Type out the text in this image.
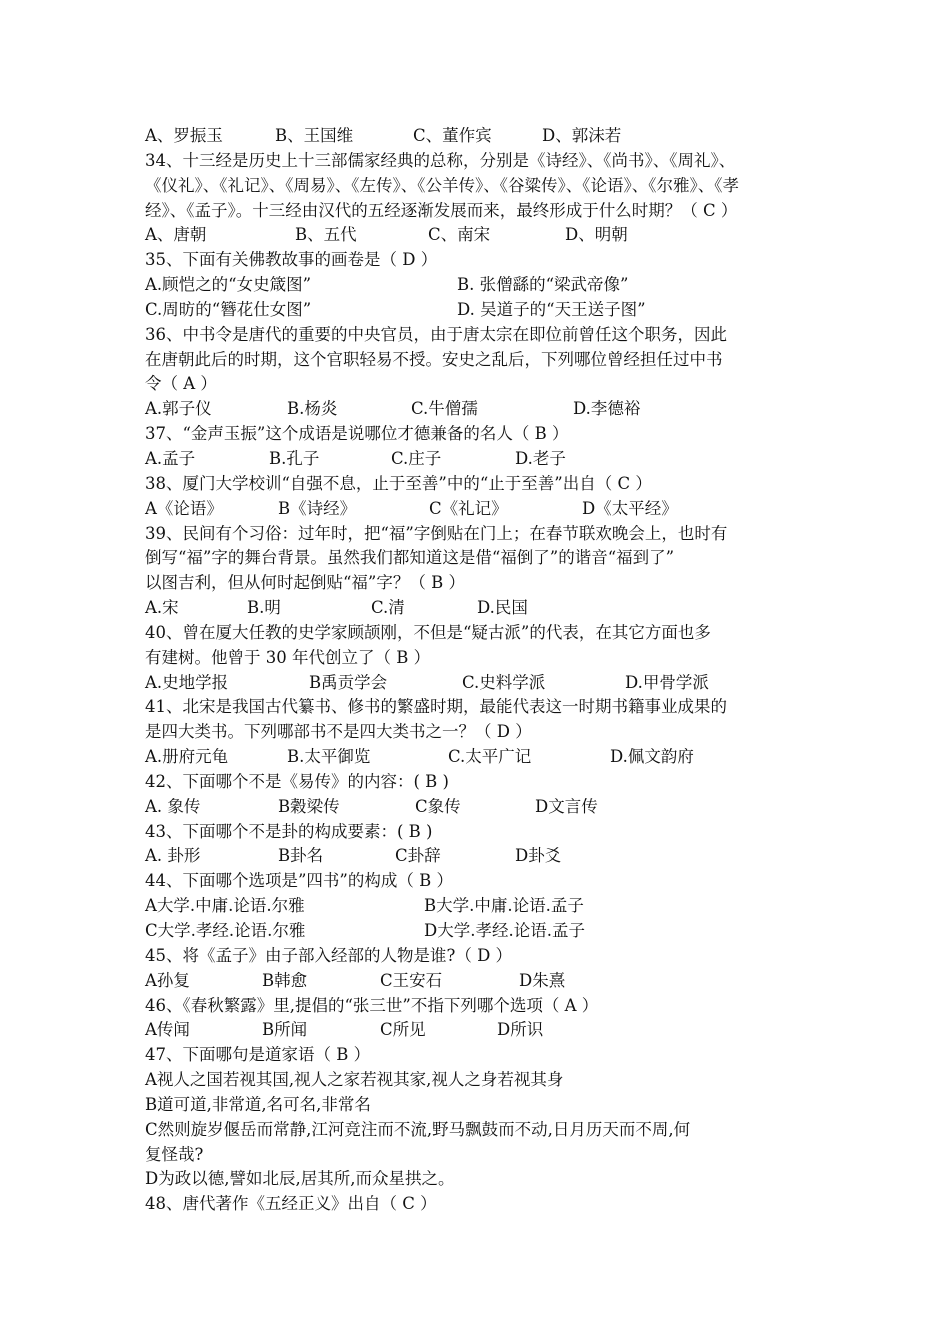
A、罗振玉	B、王国维	C、董作宾	D、郭沫若
34、十三经是历史上十三部儒家经典的总称，分别是《诗经》、《尚书》、《周礼》、
《仪礼》、《礼记》、《周易》、《左传》、《公羊传》、《谷粱传》、《论语》、《尔雅》、《孝
经》、《孟子》。十三经由汉代的五经逐渐发展而来，最终形成于什么时期？（ C ）
A、唐朝	B、五代	C、南宋	D、明朝
35、下面有关佛教故事的画卷是（ D ）
A.顾恺之的“女史箴图”	B. 张僧繇的“梁武帝像”
C.周昉的“簪花仕女图”	D. 吴道子的“天王送子图”
36、中书令是唐代的重要的中央官员，由于唐太宗在即位前曾任这个职务，因此
在唐朝此后的时期，这个官职轻易不授。安史之乱后，下列哪位曾经担任过中书
令（ A ）
A.郭子仪	B.杨炎	C.牛僧孺	D.李德裕
37、“金声玉振”这个成语是说哪位才德兼备的名人（ B ）
A.孟子	B.孔子	C.庄子	D.老子
38、厦门大学校训“自强不息，止于至善”中的“止于至善”出自（ C ）
A《论语》	B《诗经》	C《礼记》	D《太平经》
39、民间有个习俗：过年时，把“福”字倒贴在门上；在春节联欢晚会上，也时有
倒写“福”字的舞台背景。虽然我们都知道这是借“福倒了”的谐音“福到了”
以图吉利，但从何时起倒贴“福”字？（ B ）
A.宋	B.明	C.清	D.民国
40、曾在厦大任教的史学家顾颉刚，不但是“疑古派”的代表，在其它方面也多
有建树。他曾于 30 年代创立了（ B ）
A.史地学报	B禹贡学会	C.史料学派	D.甲骨学派
41、北宋是我国古代纂书、修书的繁盛时期，最能代表这一时期书籍事业成果的
是四大类书。下列哪部书不是四大类书之一？（ D ）
A.册府元龟	B.太平御览	C.太平广记	D.佩文韵府
42、下面哪个不是《易传》的内容：( B )
A. 象传	B穀梁传	C象传	D文言传
43、下面哪个不是卦的构成要素：( B )
A. 卦形	B卦名	C卦辞	D卦爻
44、下面哪个选项是”四书”的构成（ B ）
A大学.中庸.论语.尔雅	B大学.中庸.论语.孟子
C大学.孝经.论语.尔雅	D大学.孝经.论语.孟子
45、将《孟子》由子部入经部的人物是谁?（ D ）
A孙复	B韩愈	C王安石	D朱熹
46、《春秋繁露》里,提倡的“张三世”不指下列哪个选项（ A ）
A传闻	B所闻	C所见	D所识
47、下面哪句是道家语（ B ）
A视人之国若视其国,视人之家若视其家,视人之身若视其身
B道可道,非常道,名可名,非常名
C然则旋岁偃岳而常静,江河竞注而不流,野马飘鼓而不动,日月历天而不周,何
复怪哉?
D为政以德,譬如北辰,居其所,而众星拱之。
48、唐代著作《五经正义》出自（ C ）
